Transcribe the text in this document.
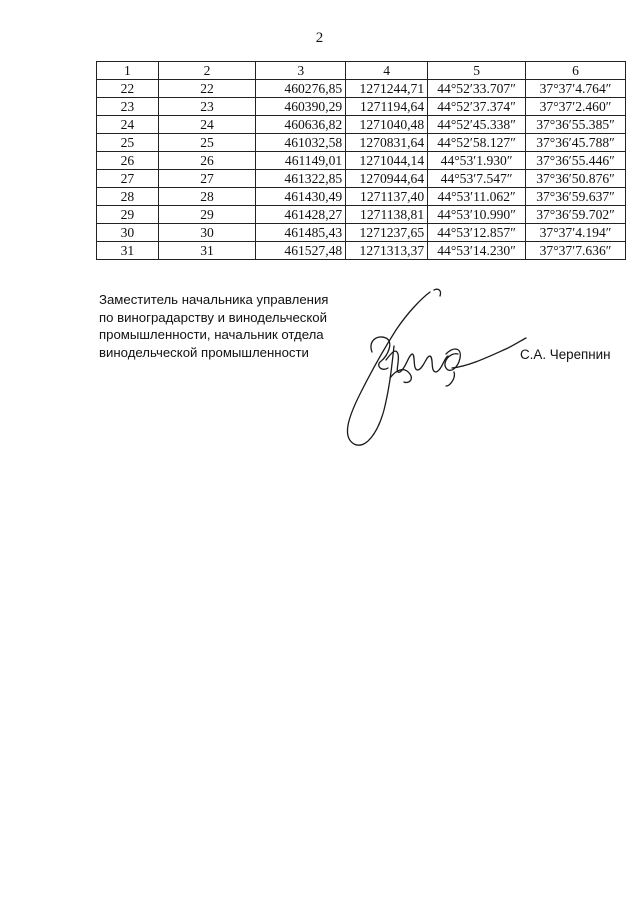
2
1	2	3	4	5	6
22	22	460276,85	1271244,71	44°52′33.707″	37°37′4.764″
23	23	460390,29	1271194,64	44°52′37.374″	37°37′2.460″
24	24	460636,82	1271040,48	44°52′45.338″	37°36′55.385″
25	25	461032,58	1270831,64	44°52′58.127″	37°36′45.788″
26	26	461149,01	1271044,14	44°53′1.930″	37°36′55.446″
27	27	461322,85	1270944,64	44°53′7.547″	37°36′50.876″
28	28	461430,49	1271137,40	44°53′11.062″	37°36′59.637″
29	29	461428,27	1271138,81	44°53′10.990″	37°36′59.702″
30	30	461485,43	1271237,65	44°53′12.857″	37°37′4.194″
31	31	461527,48	1271313,37	44°53′14.230″	37°37′7.636″
Заместитель начальника управления
по виноградарству и винодельческой
промышленности, начальник отдела
винодельческой промышленности	С.А. Черепнин
